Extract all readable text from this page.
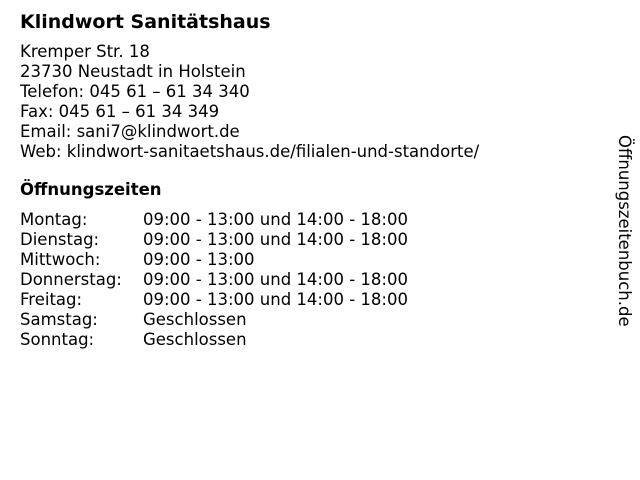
Klindwort Sanitätshaus
Kremper Str. 18
23730 Neustadt in Holstein
Telefon: 045 61 – 61 34 340
Fax: 045 61 – 61 34 349
Email: sani7@klindwort.de
Web: klindwort-sanitaetshaus.de/filialen-und-standorte/
Öffnungszeiten
Montag:	09:00 - 13:00 und 14:00 - 18:00
Dienstag:	09:00 - 13:00 und 14:00 - 18:00
Mittwoch:	09:00 - 13:00
Donnerstag:	09:00 - 13:00 und 14:00 - 18:00
Freitag:	09:00 - 13:00 und 14:00 - 18:00
Samstag:	Geschlossen
Sonntag:	Geschlossen
Öffnungszeitenbuch.de
